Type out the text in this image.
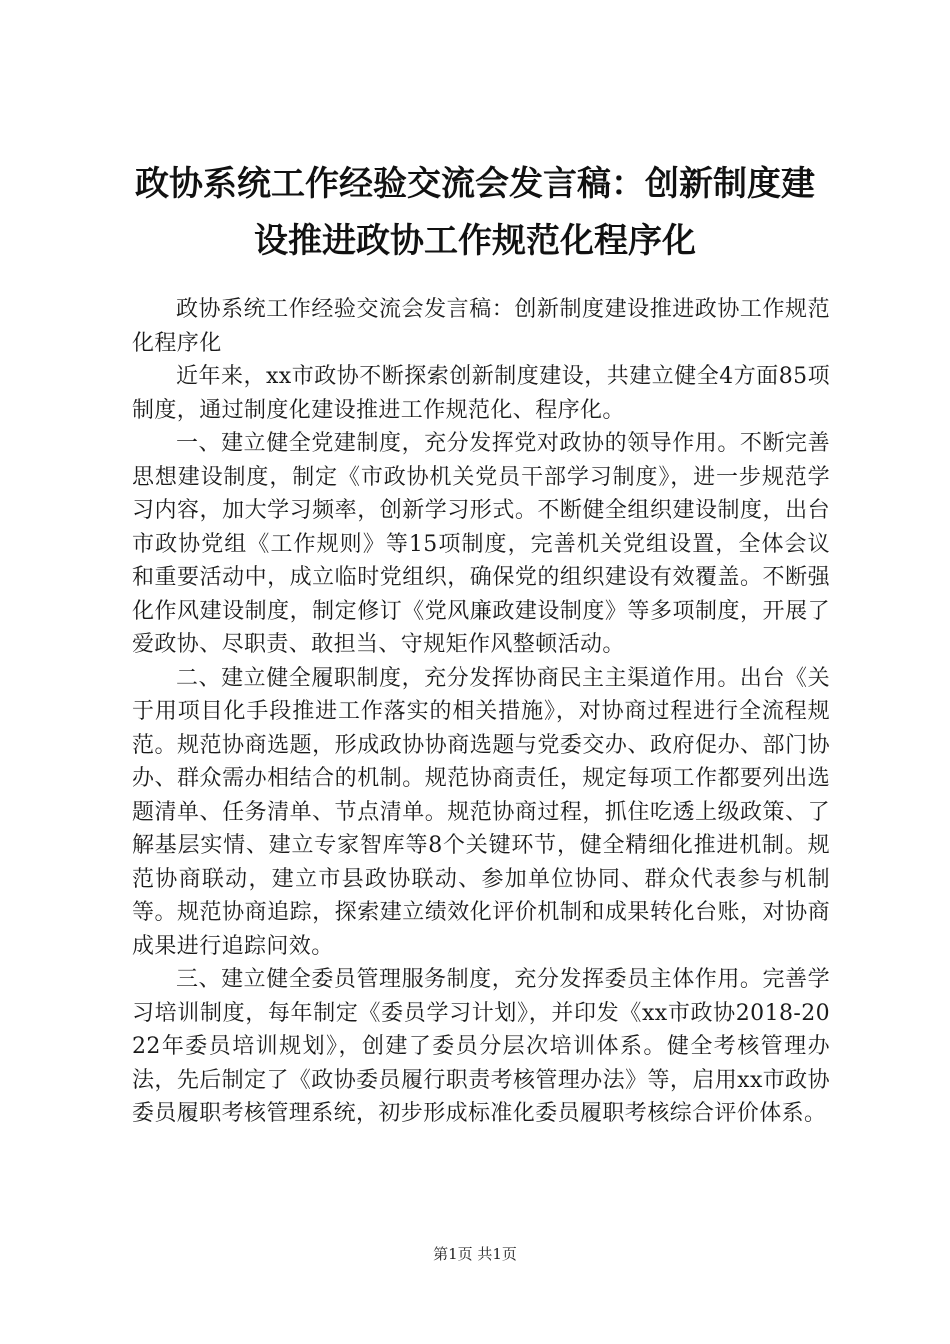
政协系统工作经验交流会发言稿：创新制度建设推进政协工作规范化程序化

政协系统工作经验交流会发言稿：创新制度建设推进政协工作规范化程序化

近年来，xx市政协不断探索创新制度建设，共建立健全4方面85项制度，通过制度化建设推进工作规范化、程序化。

一、建立健全党建制度，充分发挥党对政协的领导作用。不断完善思想建设制度，制定《市政协机关党员干部学习制度》，进一步规范学习内容，加大学习频率，创新学习形式。不断健全组织建设制度，出台市政协党组《工作规则》等15项制度，完善机关党组设置，全体会议和重要活动中，成立临时党组织，确保党的组织建设有效覆盖。不断强化作风建设制度，制定修订《党风廉政建设制度》等多项制度，开展了爱政协、尽职责、敢担当、守规矩作风整顿活动。

二、建立健全履职制度，充分发挥协商民主主渠道作用。出台《关于用项目化手段推进工作落实的相关措施》，对协商过程进行全流程规范。规范协商选题，形成政协协商选题与党委交办、政府促办、部门协办、群众需办相结合的机制。规范协商责任，规定每项工作都要列出选题清单、任务清单、节点清单。规范协商过程，抓住吃透上级政策、了解基层实情、建立专家智库等8个关键环节，健全精细化推进机制。规范协商联动，建立市县政协联动、参加单位协同、群众代表参与机制等。规范协商追踪，探索建立绩效化评价机制和成果转化台账，对协商成果进行追踪问效。

三、建立健全委员管理服务制度，充分发挥委员主体作用。完善学习培训制度，每年制定《委员学习计划》，并印发《xx市政协2018-2022年委员培训规划》，创建了委员分层次培训体系。健全考核管理办法，先后制定了《政协委员履行职责考核管理办法》等，启用xx市政协委员履职考核管理系统，初步形成标准化委员履职考核综合评价体系。

第1页 共1页
